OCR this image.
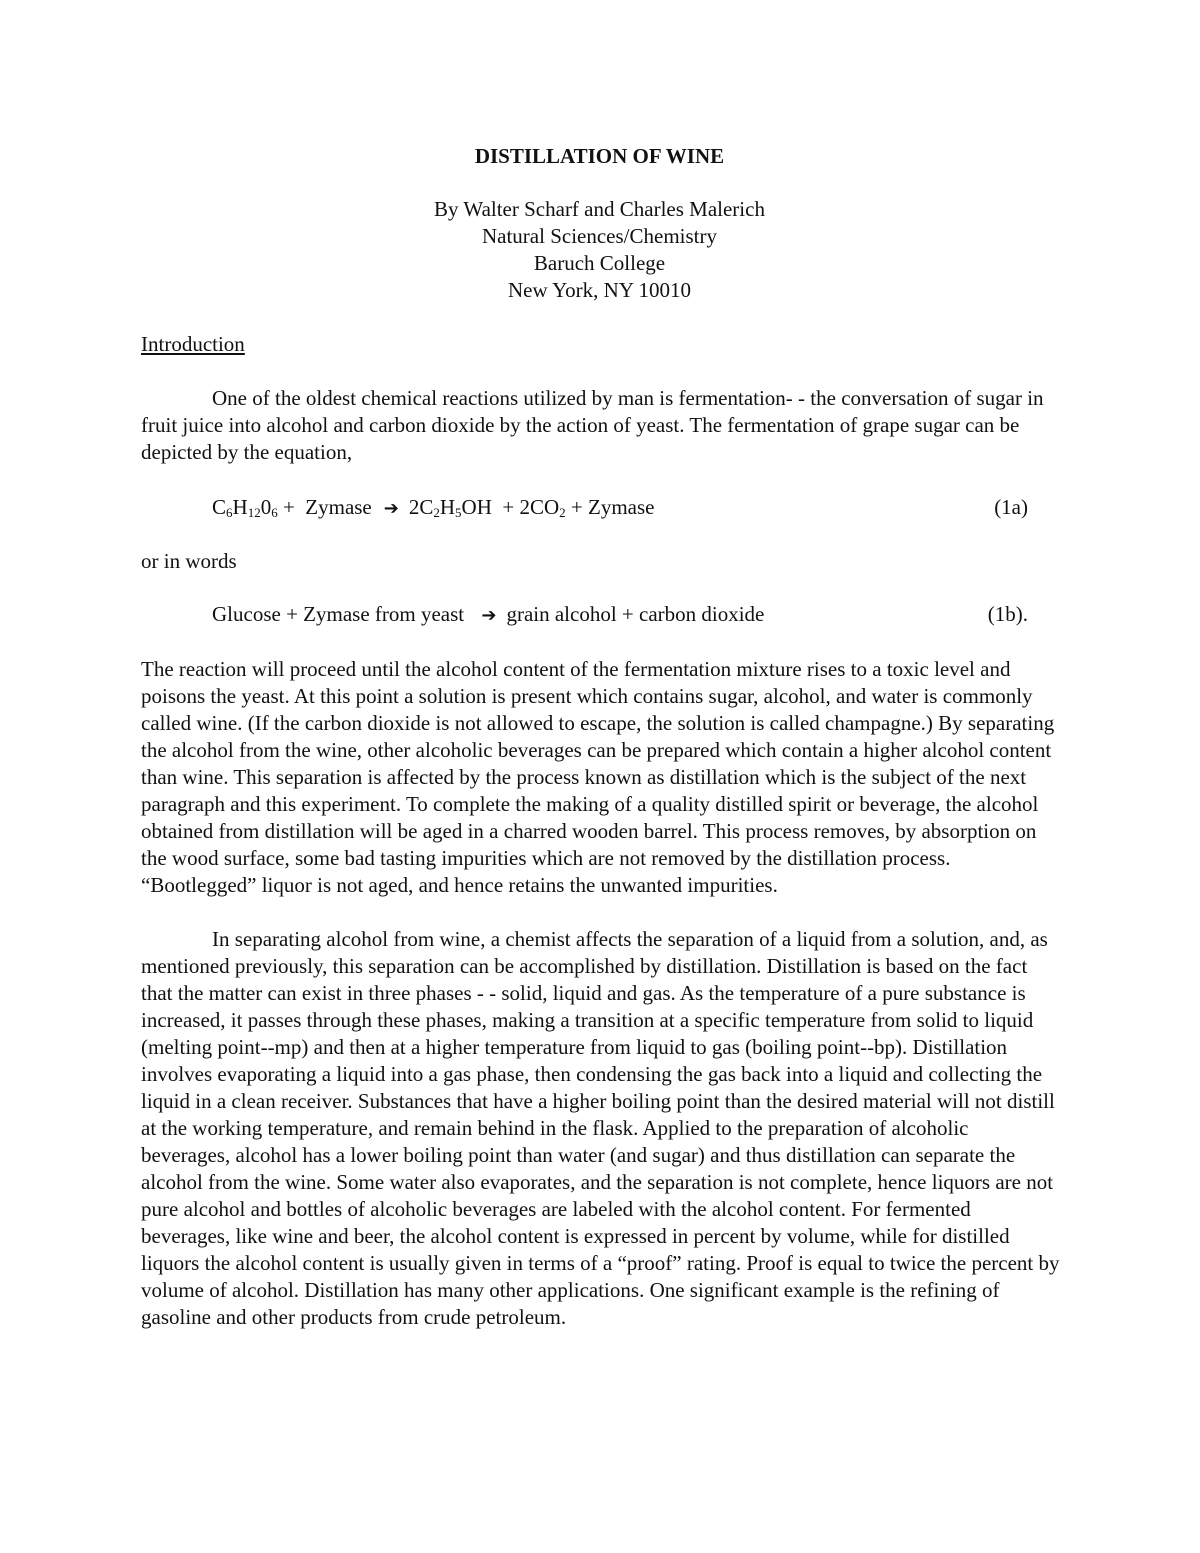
DISTILLATION OF WINE
By Walter Scharf and Charles Malerich
Natural Sciences/Chemistry
Baruch College
New York, NY 10010
Introduction

One of the oldest chemical reactions utilized by man is fermentation- - the conversation of sugar in fruit juice into alcohol and carbon dioxide by the action of yeast. The fermentation of grape sugar can be depicted by the equation,

$C_6H_{12}0_6$ +  Zymase ➔ $2C_2H_5OH + 2CO_2$ + Zymase	(1a)
or in words
Glucose + Zymase from yeast ➔ grain alcohol + carbon dioxide	(1b).

The reaction will proceed until the alcohol content of the fermentation mixture rises to a toxic level and poisons the yeast. At this point a solution is present which contains sugar, alcohol, and water is commonly called wine. (If the carbon dioxide is not allowed to escape, the solution is called champagne.) By separating the alcohol from the wine, other alcoholic beverages can be prepared which contain a higher alcohol content than wine. This separation is affected by the process known as distillation which is the subject of the next paragraph and this experiment. To complete the making of a quality distilled spirit or beverage, the alcohol obtained from distillation will be aged in a charred wooden barrel. This process removes, by absorption on the wood surface, some bad tasting impurities which are not removed by the distillation process. “Bootlegged” liquor is not aged, and hence retains the unwanted impurities.

In separating alcohol from wine, a chemist affects the separation of a liquid from a solution, and, as mentioned previously, this separation can be accomplished by distillation. Distillation is based on the fact that the matter can exist in three phases - - solid, liquid and gas. As the temperature of a pure substance is increased, it passes through these phases, making a transition at a specific temperature from solid to liquid (melting point--mp) and then at a higher temperature from liquid to gas (boiling point--bp). Distillation involves evaporating a liquid into a gas phase, then condensing the gas back into a liquid and collecting the liquid in a clean receiver. Substances that have a higher boiling point than the desired material will not distill at the working temperature, and remain behind in the flask. Applied to the preparation of alcoholic beverages, alcohol has a lower boiling point than water (and sugar) and thus distillation can separate the alcohol from the wine. Some water also evaporates, and the separation is not complete, hence liquors are not pure alcohol and bottles of alcoholic beverages are labeled with the alcohol content. For fermented beverages, like wine and beer, the alcohol content is expressed in percent by volume, while for distilled liquors the alcohol content is usually given in terms of a “proof” rating. Proof is equal to twice the percent by volume of alcohol. Distillation has many other applications. One significant example is the refining of gasoline and other products from crude petroleum.
